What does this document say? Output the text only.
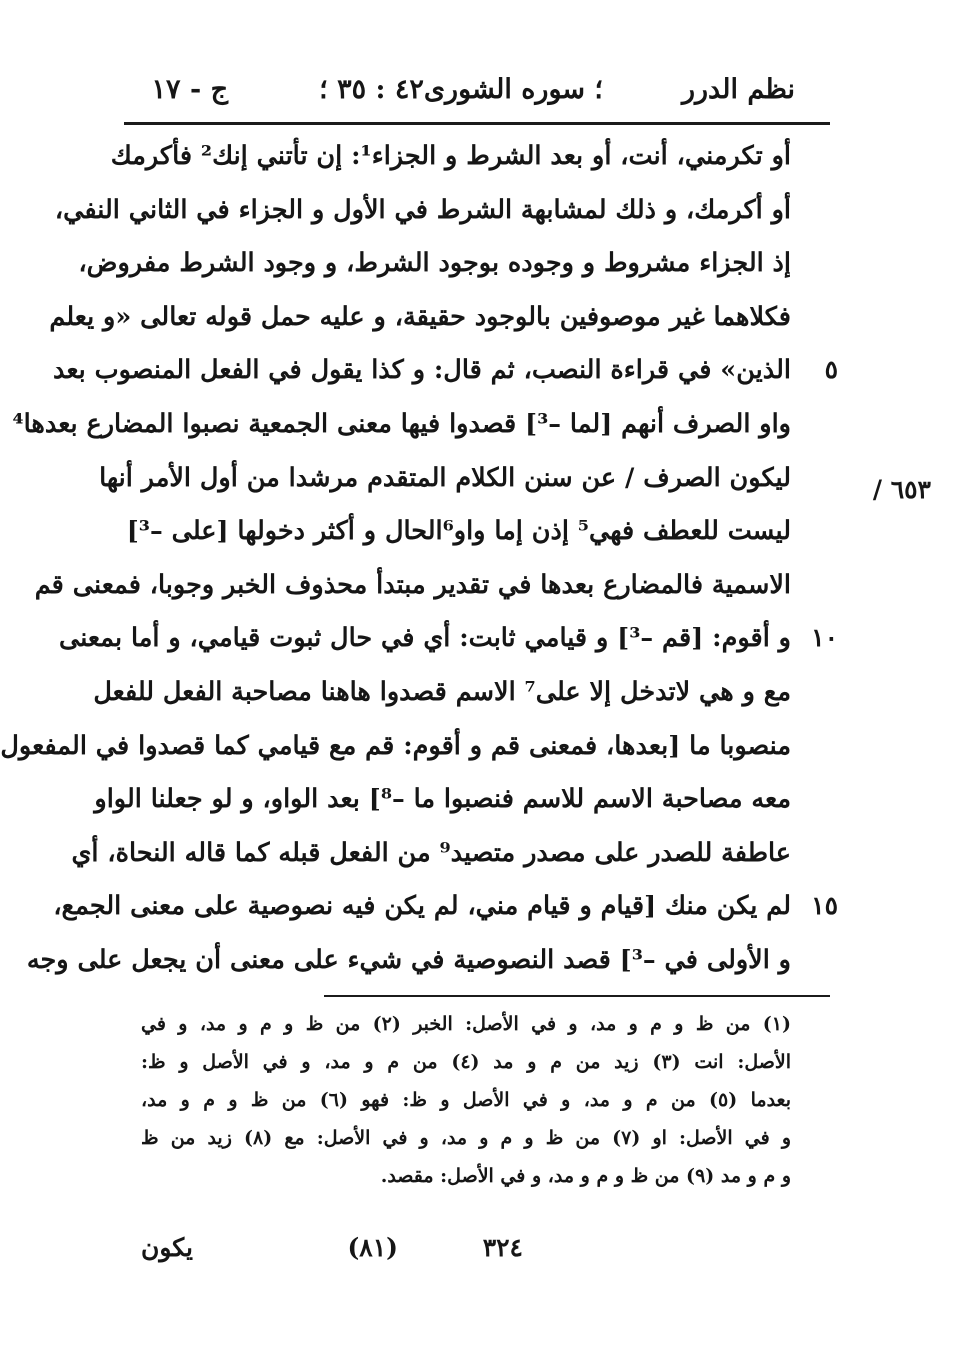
نظم الدرر
؛ سوره الشورى٤٢ : ٣٥ ؛
ج - ١٧
أو تكرمني، أنت، أو بعد الشرط و الجزاء¹: إن تأتني إنك² فأكرمك
أو أكرمك، و ذلك لمشابهة الشرط في الأول و الجزاء في الثاني النفي،
إذ الجزاء مشروط و وجوده بوجود الشرط، و وجود الشرط مفروض،
فكلاهما غير موصوفين بالوجود حقيقة، و عليه حمل قوله تعالى «و يعلم
الذين» في قراءة النصب، ثم قال: و كذا يقول في الفعل المنصوب بعد
واو الصرف أنهم [لما –³] قصدوا فيها معنى الجمعية نصبوا المضارع بعدها⁴
ليكون الصرف / عن سنن الكلام المتقدم مرشدا من أول الأمر أنها
ليست للعطف فهي⁵ إذن إما واو⁶الحال و أكثر دخولها [على –³]
الاسمية فالمضارع بعدها في تقدير مبتدأ محذوف الخبر وجوبا، فمعنى قم
و أقوم: [قم –³] و قيامي ثابت: أي في حال ثبوت قيامي، و أما بمعنى
مع و هي لاتدخل إلا على⁷ الاسم قصدوا هاهنا مصاحبة الفعل للفعل
منصوبا ما [بعدها، فمعنى قم و أقوم: قم مع قيامي كما قصدوا في المفعول
معه مصاحبة الاسم للاسم فنصبوا ما –⁸] بعد الواو، و لو جعلنا الواو
عاطفة للصدر على مصدر متصيد⁹ من الفعل قبله كما قاله النحاة، أي
لم يكن منك [قيام و قيام مني، لم يكن فيه نصوصية على معنى الجمع،
و الأولى في –³] قصد النصوصية في شيء على معنى أن يجعل على وجه
٥
١٠
١٥
٦٥٣ /
(١) من ظ و م و مد، و في الأصل: الخبر (٢) من ظ و م و مد، و في
الأصل: انت (٣) زيد من م و مد (٤) من م و مد، و في الأصل و ظ:
بعدما (٥) من م و مد، و في الأصل و ظ: فهو (٦) من ظ و م و مد،
و في الأصل: او (٧) من ظ و م و مد، و في الأصل: مع (٨) زيد من ظ
و م و مد (٩) من ظ و م و مد، و في الأصل: مقصد.
يكون	(٨١)	٣٢٤
